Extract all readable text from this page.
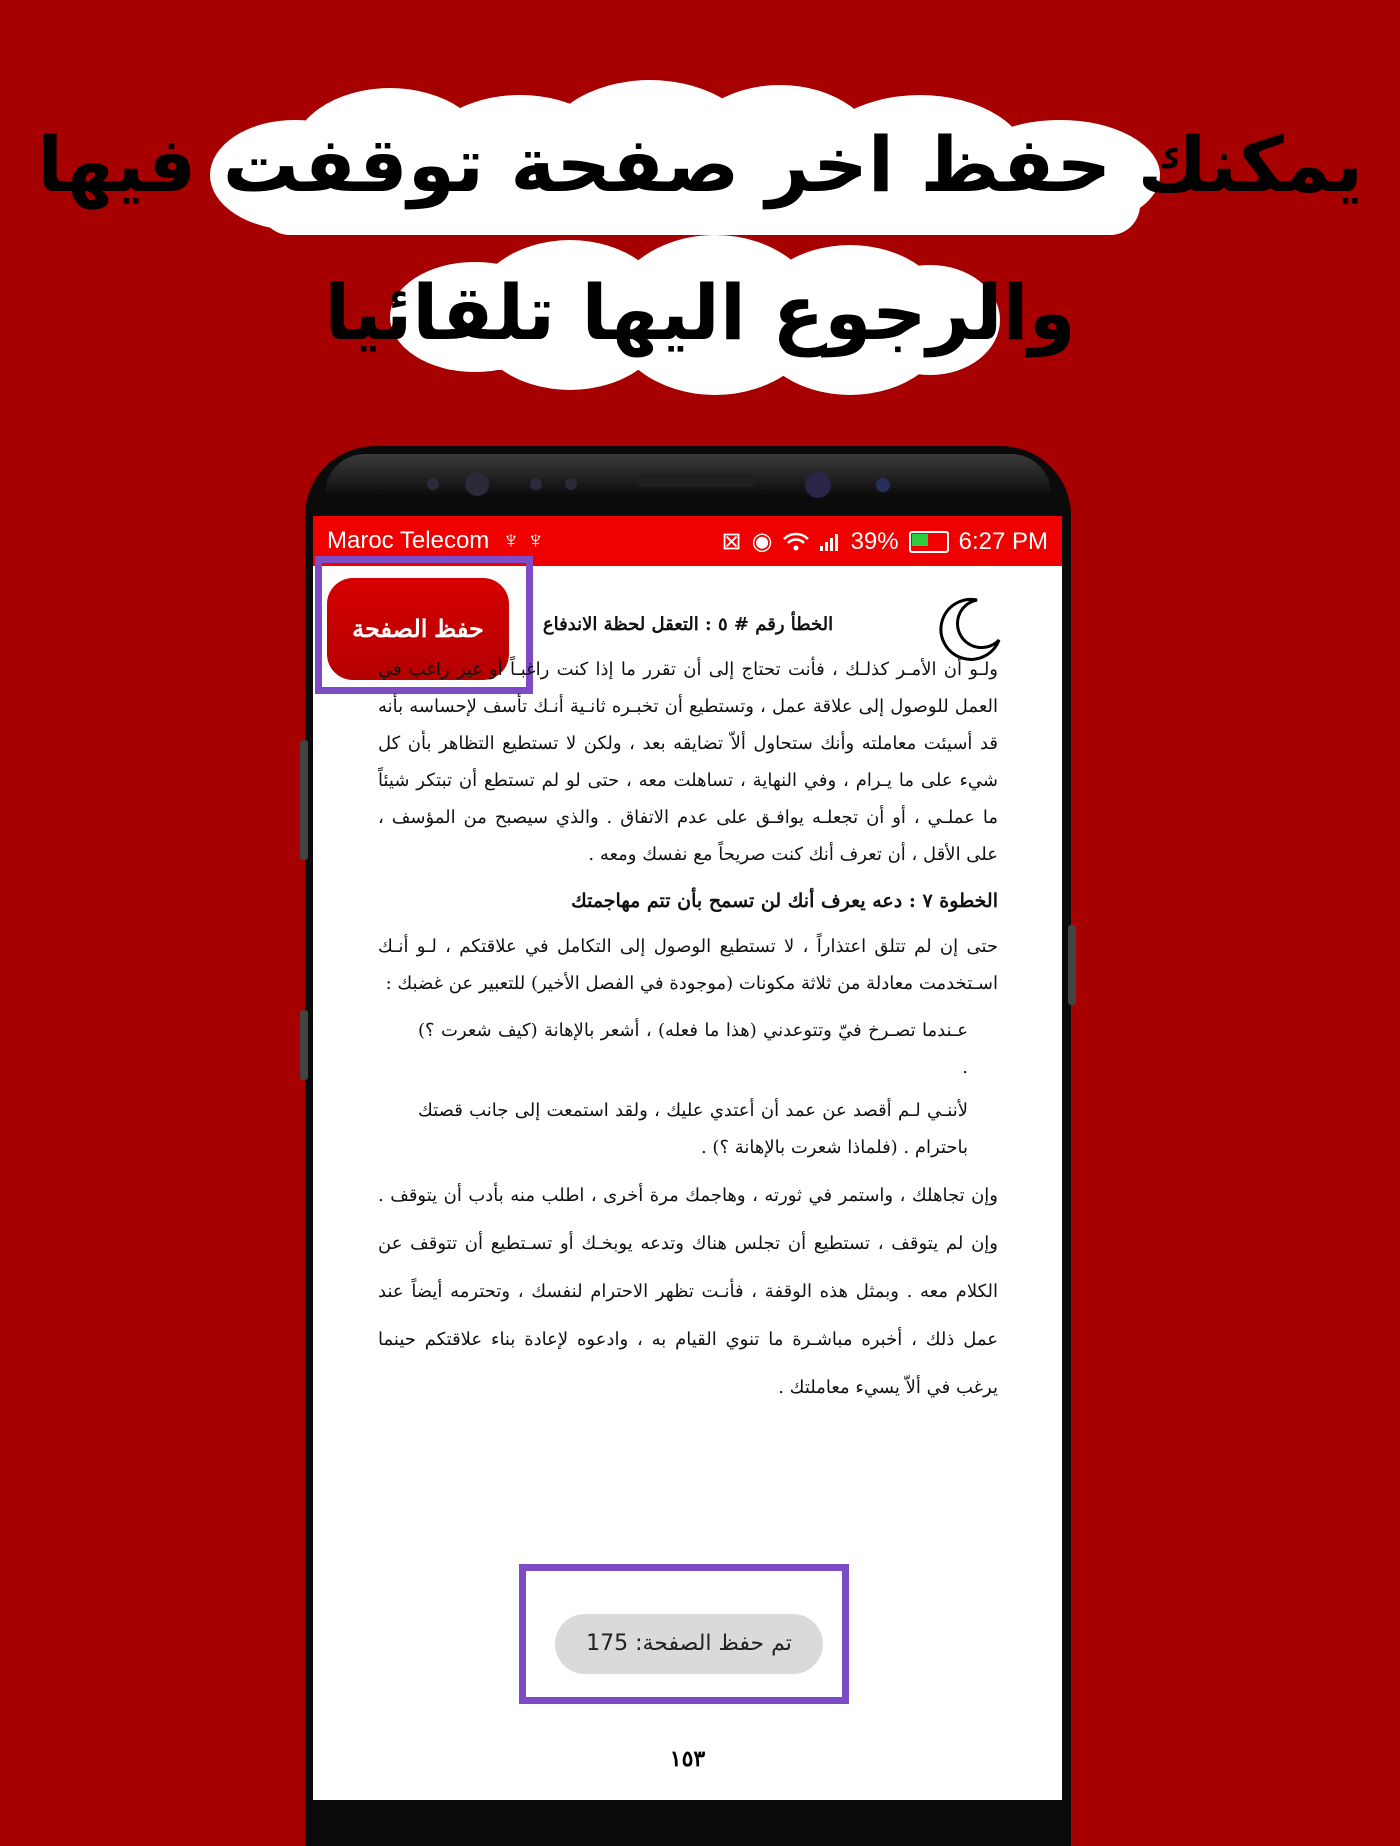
يمكنك حفظ اخر صفحة توقفت فيها
والرجوع اليها تلقائيا
Maroc Telecom ♆ ♆	⊠ ◉	39%	6:27 PM
حفظ الصفحة	الخطأ رقم # ٥ : التعقل لحظة الاندفاع

ولـو أن الأمـر كذلـك ، فأنت تحتاج إلى أن تقرر ما إذا كنت راغبـاً أو غير راغب في العمل للوصول إلى علاقة عمل ، وتستطيع أن تخبـره ثانـية أنـك تأسف لإحساسه بأنه قد أسيئت معاملته وأنك ستحاول ألاّ تضايقه بعد ، ولكن لا تستطيع التظاهر بأن كل شيء على ما يـرام ، وفي النهاية ، تساهلت معه ، حتى لو لم تستطع أن تبتكر شيئاً ما عملـي ، أو أن تجعلـه يوافـق على عدم الاتفاق . والذي سيصبح من المؤسف ، على الأقل ، أن تعرف أنك كنت صريحاً مع نفسك ومعه .

الخطوة ٧ : دعه يعرف أنك لن تسمح بأن تتم مهاجمتك

حتى إن لم تتلق اعتذاراً ، لا تستطيع الوصول إلى التكامل في علاقتكم ، لـو أنـك اسـتخدمت معادلة من ثلاثة مكونات (موجودة في الفصل الأخير) للتعبير عن غضبك :

عـندما تصـرخ فيّ وتتوعدني (هذا ما فعله) ، أشعر بالإهانة (كيف شعرت ؟) .

لأننـي لـم أقصد عن عمد أن أعتدي عليك ، ولقد استمعت إلى جانب قصتك باحترام . (فلماذا شعرت بالإهانة ؟) .

وإن تجاهلك ، واستمر في ثورته ، وهاجمك مرة أخرى ، اطلب منه بأدب أن يتوقف . وإن لم يتوقف ، تستطيع أن تجلس هناك وتدعه يوبخـك أو تسـتطيع أن تتوقف عن الكلام معه . وبمثل هذه الوقفة ، فأنـت تظهر الاحترام لنفسك ، وتحترمه أيضاً عند عمل ذلك ، أخبره مباشـرة ما تنوي القيام به ، وادعوه لإعادة بناء علاقتكم حينما يرغب في ألاّ يسيء معاملتك .

١٥٣
تم حفظ الصفحة: 175
